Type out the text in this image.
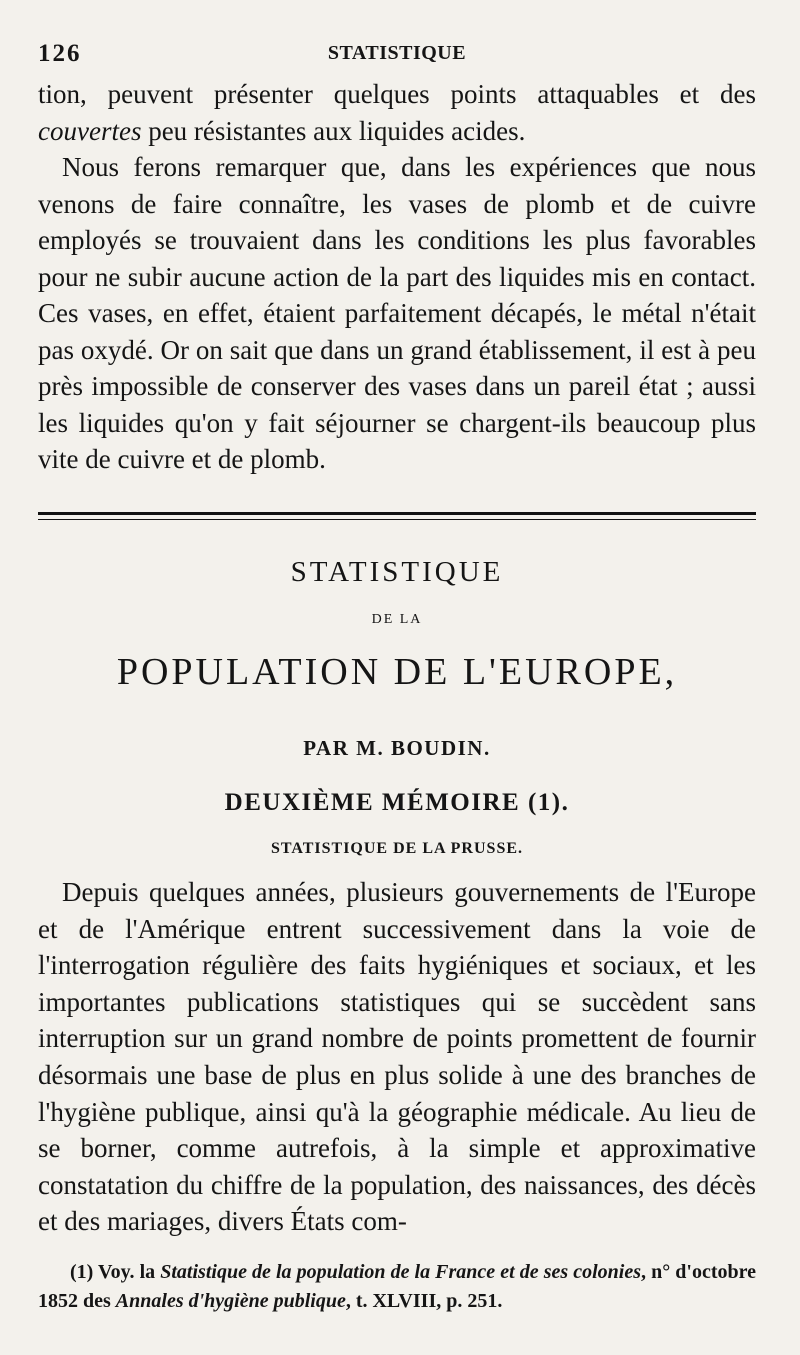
126	STATISTIQUE

tion, peuvent présenter quelques points attaquables et des couvertes peu résistantes aux liquides acides.

Nous ferons remarquer que, dans les expériences que nous venons de faire connaître, les vases de plomb et de cuivre employés se trouvaient dans les conditions les plus favorables pour ne subir aucune action de la part des liquides mis en contact. Ces vases, en effet, étaient parfaitement décapés, le métal n'était pas oxydé. Or on sait que dans un grand établissement, il est à peu près impossible de conserver des vases dans un pareil état ; aussi les liquides qu'on y fait séjourner se chargent-ils beaucoup plus vite de cuivre et de plomb.

STATISTIQUE
DE LA
POPULATION DE L'EUROPE,
PAR M. BOUDIN.
DEUXIÈME MÉMOIRE (1).
STATISTIQUE DE LA PRUSSE.

Depuis quelques années, plusieurs gouvernements de l'Europe et de l'Amérique entrent successivement dans la voie de l'interrogation régulière des faits hygiéniques et sociaux, et les importantes publications statistiques qui se succèdent sans interruption sur un grand nombre de points promettent de fournir désormais une base de plus en plus solide à une des branches de l'hygiène publique, ainsi qu'à la géographie médicale. Au lieu de se borner, comme autrefois, à la simple et approximative constatation du chiffre de la population, des naissances, des décès et des mariages, divers États com-

(1) Voy. la Statistique de la population de la France et de ses colonies, n° d'octobre 1852 des Annales d'hygiène publique, t. XLVIII, p. 251.
